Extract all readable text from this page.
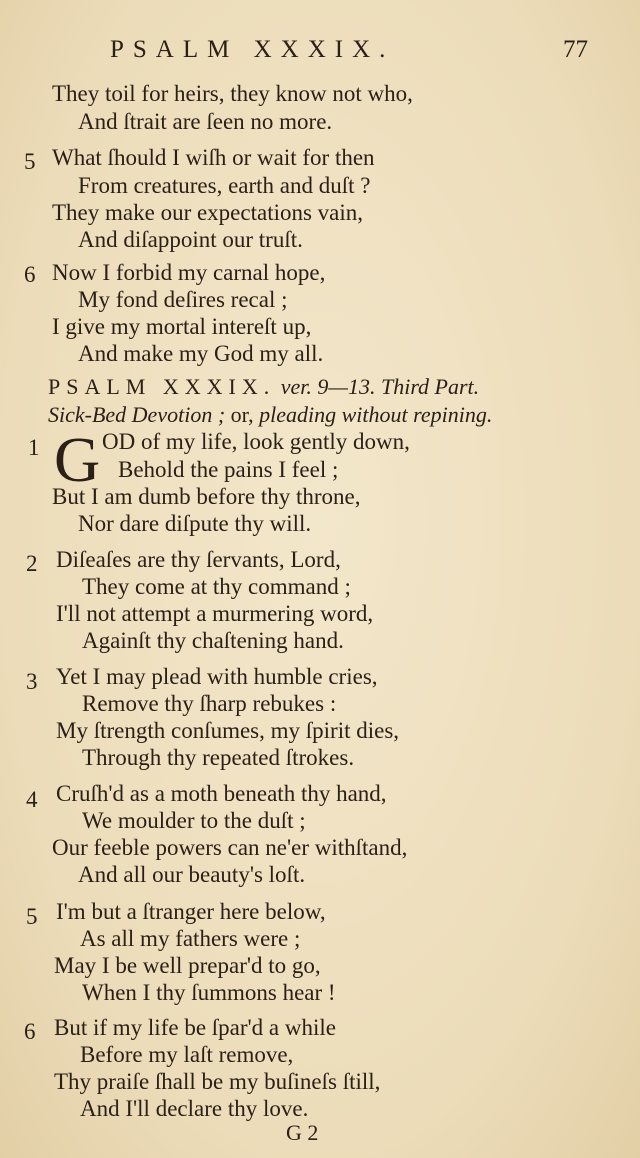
PSALM XXXIX.	77
They toil for heirs, they know not who,
And ſtrait are ſeen no more.
5 What ſhould I wiſh or wait for then
From creatures, earth and duſt ?
They make our expectations vain,
And diſappoint our truſt.
6 Now I forbid my carnal hope,
My fond deſires recal ;
I give my mortal intereſt up,
And make my God my all.
PSALM XXXIX. ver. 9—13. Third Part.
Sick-Bed Devotion ; or, pleading without repining.
1 G OD of my life, look gently down,
Behold the pains I feel ;
But I am dumb before thy throne,
Nor dare diſpute thy will.
2 Diſeaſes are thy ſervants, Lord,
They come at thy command ;
I'll not attempt a murmering word,
Againſt thy chaſtening hand.
3 Yet I may plead with humble cries,
Remove thy ſharp rebukes :
My ſtrength conſumes, my ſpirit dies,
Through thy repeated ſtrokes.
4 Cruſh'd as a moth beneath thy hand,
We moulder to the duſt ;
Our feeble powers can ne'er withſtand,
And all our beauty's loſt.
5 I'm but a ſtranger here below,
As all my fathers were ;
May I be well prepar'd to go,
When I thy ſummons hear !
6 But if my life be ſpar'd a while
Before my laſt remove,
Thy praiſe ſhall be my buſineſs ſtill,
And I'll declare thy love.
G 2
